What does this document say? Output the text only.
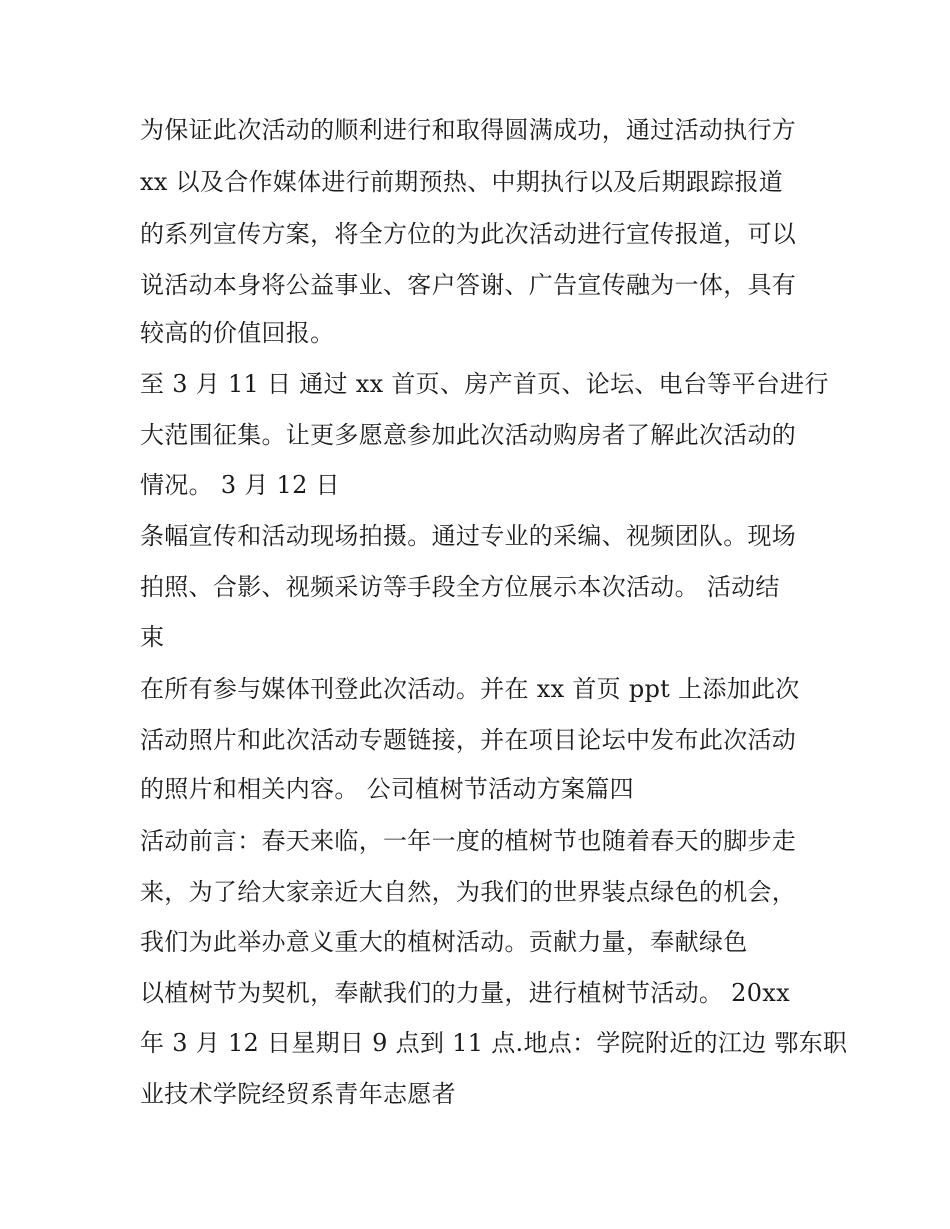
为保证此次活动的顺利进行和取得圆满成功，通过活动执行方
xx 以及合作媒体进行前期预热、中期执行以及后期跟踪报道
的系列宣传方案，将全方位的为此次活动进行宣传报道，可以
说活动本身将公益事业、客户答谢、广告宣传融为一体，具有
较高的价值回报。
至 3 月 11 日 通过 xx 首页、房产首页、论坛、电台等平台进行
大范围征集。让更多愿意参加此次活动购房者了解此次活动的
情况。 3 月 12 日
条幅宣传和活动现场拍摄。通过专业的采编、视频团队。现场
拍照、合影、视频采访等手段全方位展示本次活动。 活动结
束
在所有参与媒体刊登此次活动。并在 xx 首页 ppt 上添加此次
活动照片和此次活动专题链接，并在项目论坛中发布此次活动
的照片和相关内容。 公司植树节活动方案篇四
活动前言：春天来临，一年一度的植树节也随着春天的脚步走
来，为了给大家亲近大自然，为我们的世界装点绿色的机会，
我们为此举办意义重大的植树活动。贡献力量，奉献绿色
以植树节为契机，奉献我们的力量，进行植树节活动。 20xx
年 3 月 12 日星期日 9 点到 11 点.地点：学院附近的江边 鄂东职
业技术学院经贸系青年志愿者
